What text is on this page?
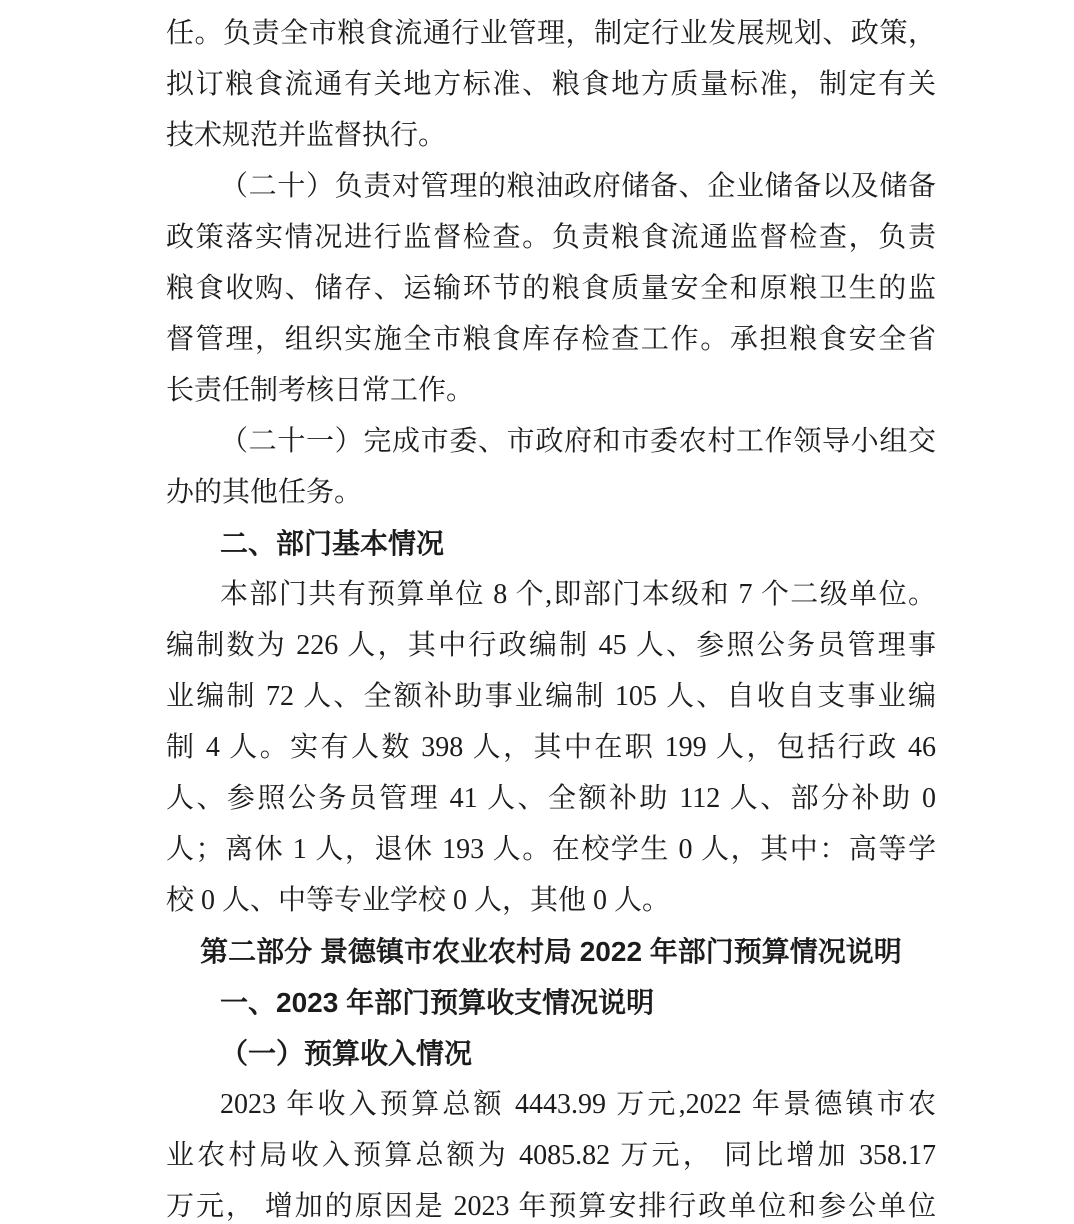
任。负责全市粮食流通行业管理，制定行业发展规划、政策，
拟订粮食流通有关地方标准、粮食地方质量标准，制定有关
技术规范并监督执行。
（二十）负责对管理的粮油政府储备、企业储备以及储备
政策落实情况进行监督检查。负责粮食流通监督检查，负责
粮食收购、储存、运输环节的粮食质量安全和原粮卫生的监
督管理，组织实施全市粮食库存检查工作。承担粮食安全省
长责任制考核日常工作。
（二十一）完成市委、市政府和市委农村工作领导小组交
办的其他任务。
二、部门基本情况
本部门共有预算单位 8 个,即部门本级和 7 个二级单位。
编制数为 226 人，其中行政编制 45 人、参照公务员管理事
业编制 72 人、全额补助事业编制 105 人、自收自支事业编
制 4 人。实有人数 398 人，其中在职 199 人，包括行政 46
人、参照公务员管理 41 人、全额补助 112 人、部分补助 0
人；离休 1 人，退休 193 人。在校学生 0 人，其中：高等学
校 0 人、中等专业学校 0 人，其他 0 人。
第二部分 景德镇市农业农村局 2022 年部门预算情况说明
一、2023 年部门预算收支情况说明
（一）预算收入情况
2023 年收入预算总额 4443.99 万元,2022 年景德镇市农
业农村局收入预算总额为 4085.82 万元， 同比增加 358.17
万元， 增加的原因是 2023 年预算安排行政单位和参公单位
